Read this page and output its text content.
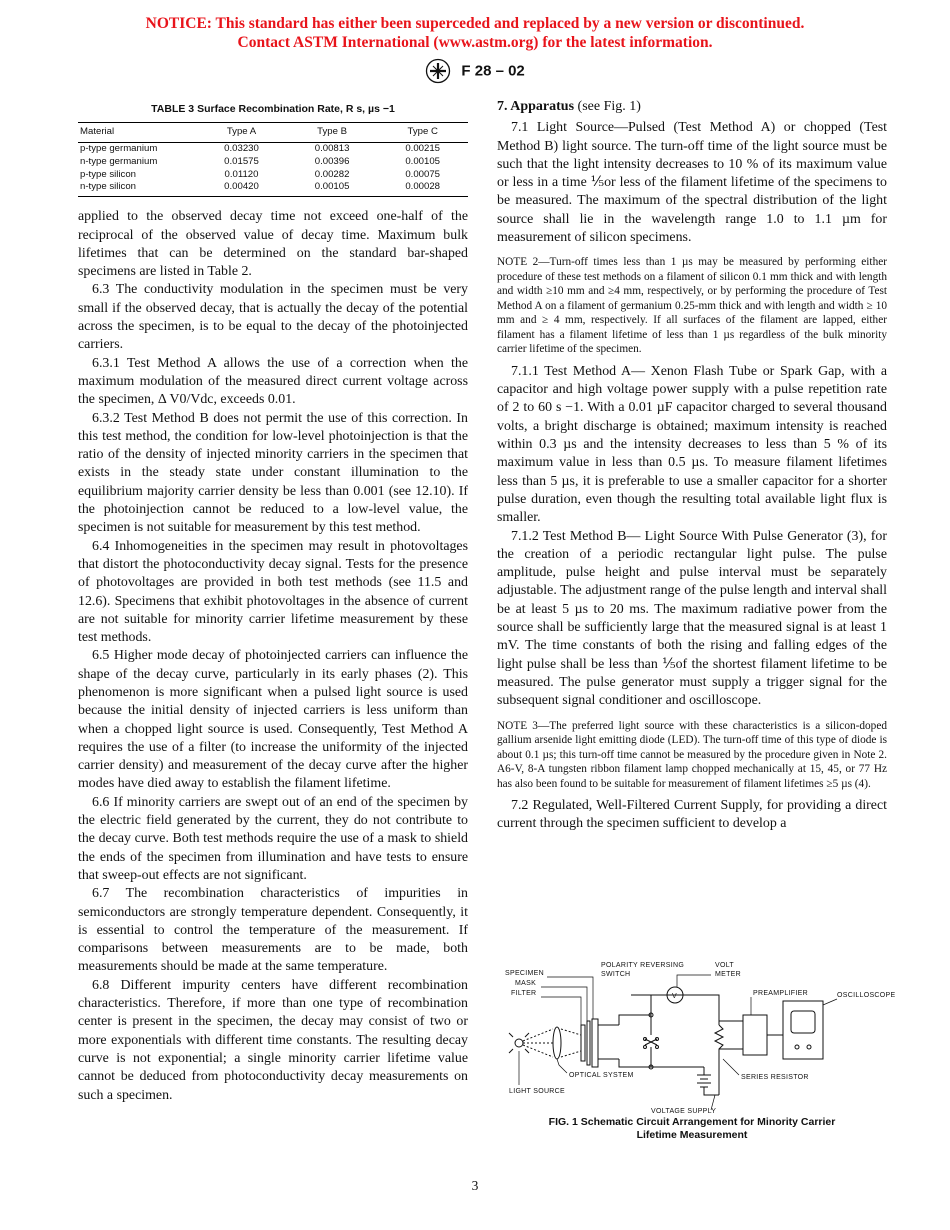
NOTICE: This standard has either been superceded and replaced by a new version or discontinued.
Contact ASTM International (www.astm.org) for the latest information.
F 28 – 02
TABLE 3 Surface Recombination Rate, R s, µs −1
Material	Type A	Type B	Type C
p-type germanium	0.03230	0.00813	0.00215
n-type germanium	0.01575	0.00396	0.00105
p-type silicon	0.01120	0.00282	0.00075
n-type silicon	0.00420	0.00105	0.00028

applied to the observed decay time not exceed one-half of the reciprocal of the observed value of decay time. Maximum bulk lifetimes that can be determined on the standard bar-shaped specimens are listed in Table 2.

6.3 The conductivity modulation in the specimen must be very small if the observed decay, that is actually the decay of the potential across the specimen, is to be equal to the decay of the photoinjected carriers.

6.3.1 Test Method A allows the use of a correction when the maximum modulation of the measured direct current voltage across the specimen, Δ V0/Vdc, exceeds 0.01.

6.3.2 Test Method B does not permit the use of this correction. In this test method, the condition for low-level photoinjection is that the ratio of the density of injected minority carriers in the specimen that exists in the steady state under constant illumination to the equilibrium majority carrier density be less than 0.001 (see 12.10). If the photoinjection cannot be reduced to a low-level value, the specimen is not suitable for measurement by this test method.

6.4 Inhomogeneities in the specimen may result in photovoltages that distort the photoconductivity decay signal. Tests for the presence of photovoltages are provided in both test methods (see 11.5 and 12.6). Specimens that exhibit photovoltages in the absence of current are not suitable for minority carrier lifetime measurement by these test methods.

6.5 Higher mode decay of photoinjected carriers can influence the shape of the decay curve, particularly in its early phases (2). This phenomenon is more significant when a pulsed light source is used because the initial density of injected carriers is less uniform than when a chopped light source is used. Consequently, Test Method A requires the use of a filter (to increase the uniformity of the injected carrier density) and measurement of the decay curve after the higher modes have died away to establish the filament lifetime.

6.6 If minority carriers are swept out of an end of the specimen by the electric field generated by the current, they do not contribute to the decay curve. Both test methods require the use of a mask to shield the ends of the specimen from illumination and have tests to ensure that sweep-out effects are not significant.

6.7 The recombination characteristics of impurities in semiconductors are strongly temperature dependent. Consequently, it is essential to control the temperature of the measurement. If comparisons between measurements are to be made, both measurements should be made at the same temperature.

6.8 Different impurity centers have different recombination characteristics. Therefore, if more than one type of recombination center is present in the specimen, the decay may consist of two or more exponentials with different time constants. The resulting decay curve is not exponential; a single minority carrier lifetime value cannot be deduced from photoconductivity decay measurements on such a specimen.

7. Apparatus (see Fig. 1)

7.1 Light Source—Pulsed (Test Method A) or chopped (Test Method B) light source. The turn-off time of the light source must be such that the light intensity decreases to 10 % of its maximum value or less in a time ⅕or less of the filament lifetime of the specimens to be measured. The maximum of the spectral distribution of the light source shall lie in the wavelength range 1.0 to 1.1 µm for measurement of silicon specimens.

NOTE 2—Turn-off times less than 1 µs may be measured by performing either procedure of these test methods on a filament of silicon 0.1 mm thick and with length and width ≥10 mm and ≥4 mm, respectively, or by performing the procedure of Test Method A on a filament of germanium 0.25-mm thick and with length and width ≥ 10 mm and ≥ 4 mm, respectively. If all surfaces of the filament are lapped, either filament has a filament lifetime of less than 1 µs regardless of the bulk minority carrier lifetime of the specimen.

7.1.1 Test Method A— Xenon Flash Tube or Spark Gap, with a capacitor and high voltage power supply with a pulse repetition rate of 2 to 60 s −1. With a 0.01 µF capacitor charged to several thousand volts, a bright discharge is obtained; maximum intensity is reached within 0.3 µs and the intensity decreases to less than 5 % of its maximum value in less than 0.5 µs. To measure filament lifetimes less than 5 µs, it is preferable to use a smaller capacitor for a shorter pulse duration, even though the resulting total available light flux is smaller.

7.1.2 Test Method B— Light Source With Pulse Generator (3), for the creation of a periodic rectangular light pulse. The pulse amplitude, pulse height and pulse interval must be separately adjustable. The adjustment range of the pulse length and interval shall be at least 5 µs to 20 ms. The maximum radiative power from the source shall be sufficiently large that the measured signal is at least 1 mV. The time constants of both the rising and falling edges of the light pulse shall be less than ⅕of the shortest filament lifetime to be measured. The pulse generator must supply a trigger signal for the subsequent signal conditioner and oscilloscope.

NOTE 3—The preferred light source with these characteristics is a silicon-doped gallium arsenide light emitting diode (LED). The turn-off time of this type of diode is about 0.1 µs; this turn-off time cannot be measured by the procedure given in Note 2. A6-V, 8-A tungsten ribbon filament lamp chopped mechanically at 15, 45, or 77 Hz has also been found to be suitable for measurement of filament lifetimes ≥5 µs (4).

7.2 Regulated, Well-Filtered Current Supply, for providing a direct current through the specimen sufficient to develop a

SPECIMEN
MASK
FILTER
POLARITY REVERSING
SWITCH
VOLT
METER
PREAMPLIFIER	OSCILLOSCOPE
OPTICAL SYSTEM
LIGHT SOURCE
SERIES RESISTOR
VOLTAGE SUPPLY
V
FIG. 1 Schematic Circuit Arrangement for Minority Carrier
Lifetime Measurement
3
